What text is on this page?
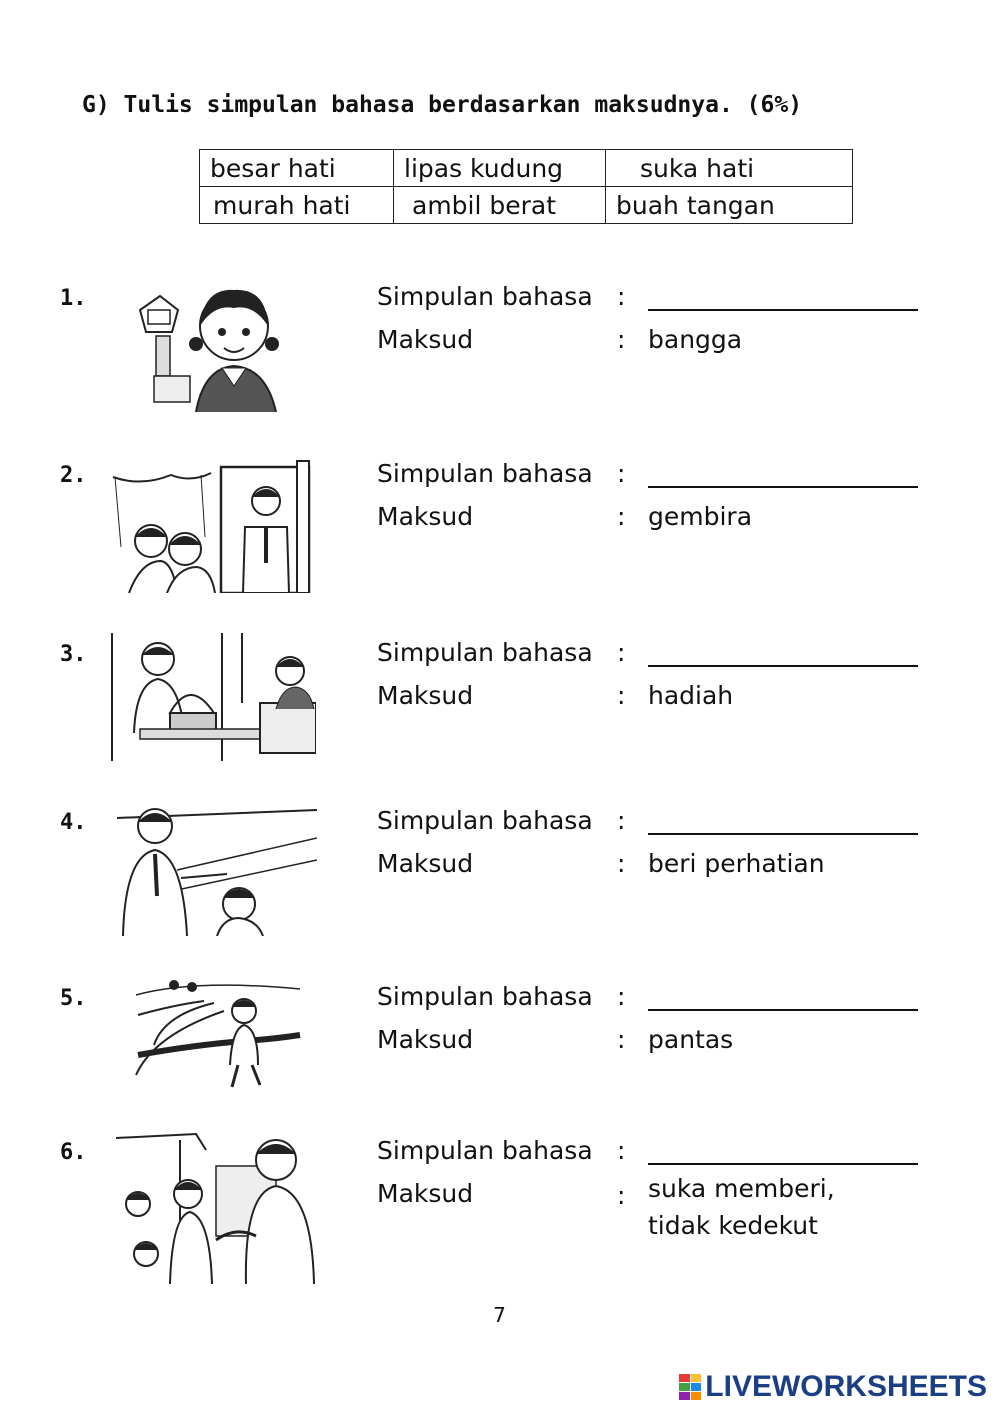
G) Tulis simpulan bahasa berdasarkan maksudnya. (6%)
besar hati	lipas kudung	suka hati
murah hati	ambil berat	buah tangan
1.	Simpulan bahasa :
Maksud	: bangga
2.	Simpulan bahasa :
Maksud	: gembira
3.	Simpulan bahasa :
Maksud	: hadiah
4.	Simpulan bahasa :
Maksud	: beri perhatian
5.	Simpulan bahasa :
Maksud	: pantas
6.	Simpulan bahasa :
Maksud	: suka memberi,
tidak kedekut
7
LIVEWORKSHEETS
